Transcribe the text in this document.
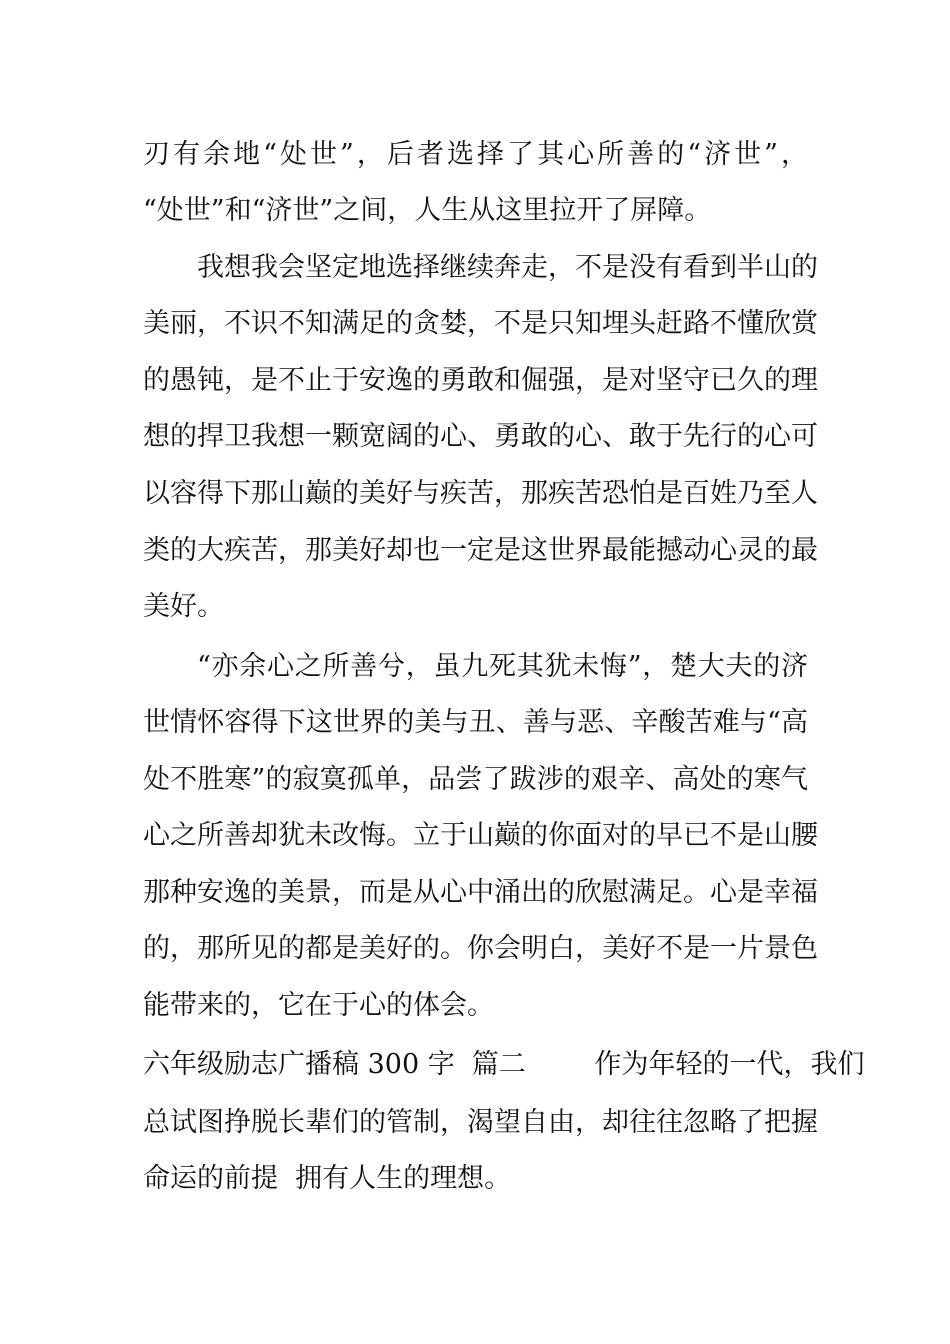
刃有余地“处世”，后者选择了其心所善的“济世”，
“处世”和“济世”之间，人生从这里拉开了屏障。
我想我会坚定地选择继续奔走，不是没有看到半山的
美丽，不识不知满足的贪婪，不是只知埋头赶路不懂欣赏
的愚钝，是不止于安逸的勇敢和倔强，是对坚守已久的理
想的捍卫我想一颗宽阔的心、勇敢的心、敢于先行的心可
以容得下那山巅的美好与疾苦，那疾苦恐怕是百姓乃至人
类的大疾苦，那美好却也一定是这世界最能撼动心灵的最
美好。
“亦余心之所善兮，虽九死其犹未悔”，楚大夫的济
世情怀容得下这世界的美与丑、善与恶、辛酸苦难与“高
处不胜寒”的寂寞孤单，品尝了跋涉的艰辛、高处的寒气
心之所善却犹未改悔。立于山巅的你面对的早已不是山腰
那种安逸的美景，而是从心中涌出的欣慰满足。心是幸福
的，那所见的都是美好的。你会明白，美好不是一片景色
能带来的，它在于心的体会。
六年级励志广播稿 300 字  篇二        作为年轻的一代，我们
总试图挣脱长辈们的管制，渴望自由，却往往忽略了把握
命运的前提  拥有人生的理想。
